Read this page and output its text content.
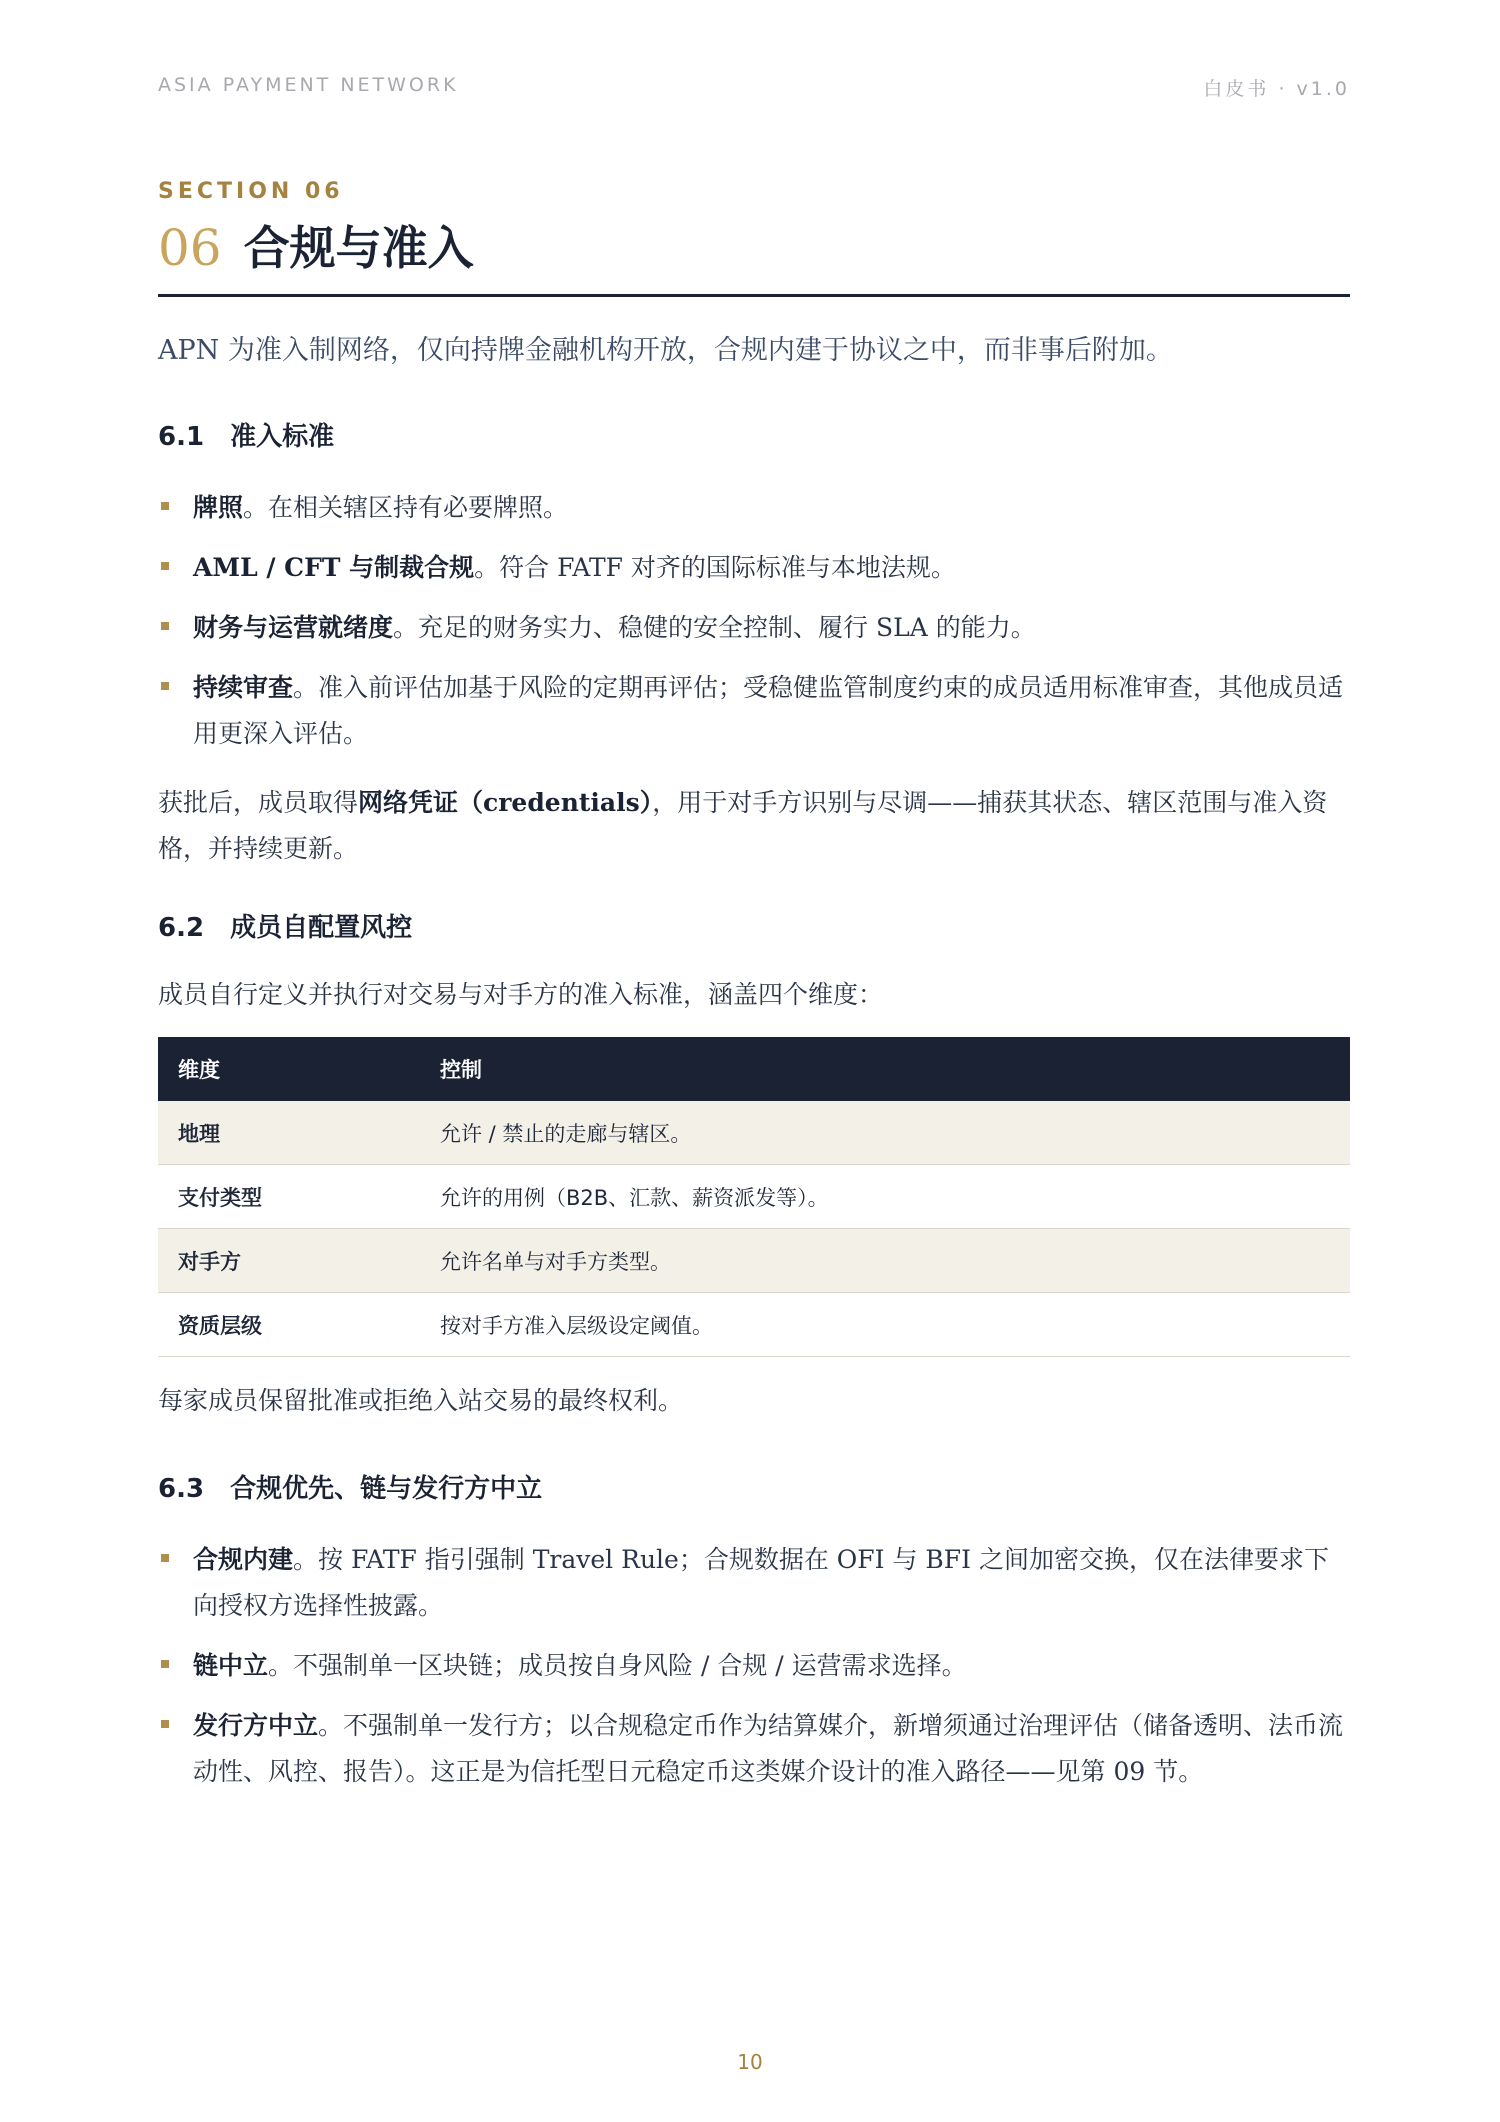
ASIA PAYMENT NETWORK	白皮书 · v1.0
SECTION 06
06 合规与准入
APN 为准入制网络，仅向持牌金融机构开放，合规内建于协议之中，而非事后附加。
6.1 准入标准
牌照。在相关辖区持有必要牌照。
AML / CFT 与制裁合规。符合 FATF 对齐的国际标准与本地法规。
财务与运营就绪度。充足的财务实力、稳健的安全控制、履行 SLA 的能力。
持续审查。准入前评估加基于风险的定期再评估；受稳健监管制度约束的成员适用标准审查，其他成员适用更深入评估。
获批后，成员取得网络凭证（credentials），用于对手方识别与尽调——捕获其状态、辖区范围与准入资格，并持续更新。
6.2 成员自配置风控
成员自行定义并执行对交易与对手方的准入标准，涵盖四个维度：
维度	控制
地理	允许 / 禁止的走廊与辖区。
支付类型	允许的用例（B2B、汇款、薪资派发等）。
对手方	允许名单与对手方类型。
资质层级	按对手方准入层级设定阈值。
每家成员保留批准或拒绝入站交易的最终权利。
6.3 合规优先、链与发行方中立
合规内建。按 FATF 指引强制 Travel Rule；合规数据在 OFI 与 BFI 之间加密交换，仅在法律要求下向授权方选择性披露。
链中立。不强制单一区块链；成员按自身风险 / 合规 / 运营需求选择。
发行方中立。不强制单一发行方；以合规稳定币作为结算媒介，新增须通过治理评估（储备透明、法币流动性、风控、报告）。这正是为信托型日元稳定币这类媒介设计的准入路径——见第 09 节。
10
